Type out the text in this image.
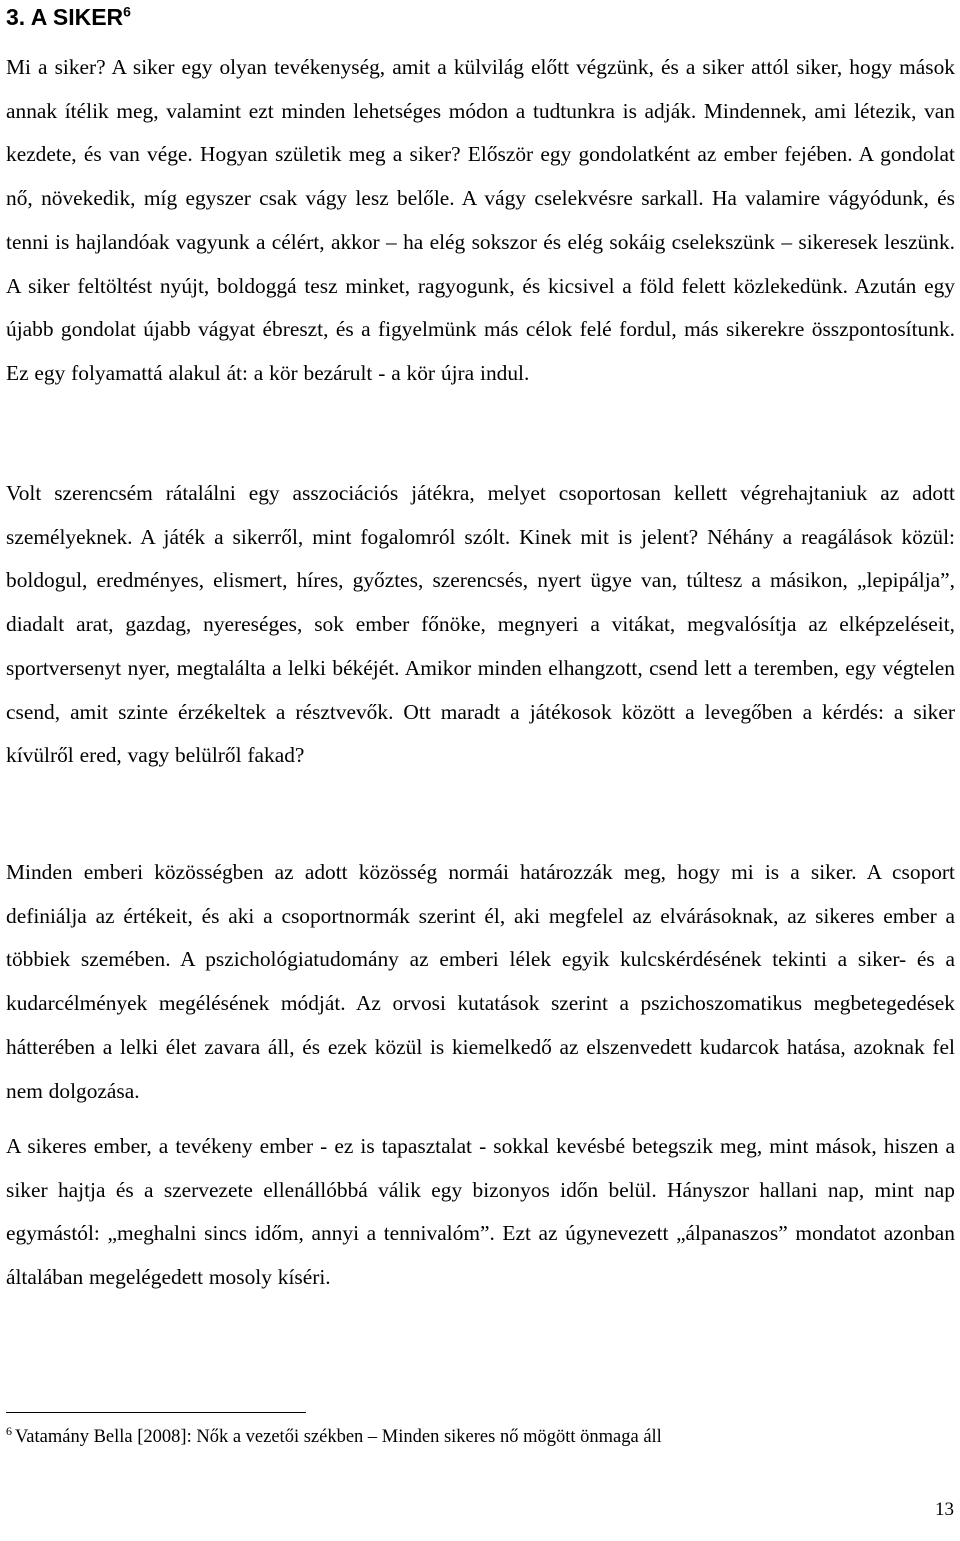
3. A SIKER$^6$

Mi a siker? A siker egy olyan tevékenység, amit a külvilág előtt végzünk, és a siker attól siker, hogy mások annak ítélik meg, valamint ezt minden lehetséges módon a tudtunkra is adják. Mindennek, ami létezik, van kezdete, és van vége. Hogyan születik meg a siker? Először egy gondolatként az ember fejében. A gondolat nő, növekedik, míg egyszer csak vágy lesz belőle. A vágy cselekvésre sarkall. Ha valamire vágyódunk, és tenni is hajlandóak vagyunk a célért, akkor – ha elég sokszor és elég sokáig cselekszünk – sikeresek leszünk. A siker feltöltést nyújt, boldoggá tesz minket, ragyogunk, és kicsivel a föld felett közlekedünk. Azután egy újabb gondolat újabb vágyat ébreszt, és a figyelmünk más célok felé fordul, más sikerekre összpontosítunk. Ez egy folyamattá alakul át: a kör bezárult - a kör újra indul.

Volt szerencsém rátalálni egy asszociációs játékra, melyet csoportosan kellett végrehajtaniuk az adott személyeknek. A játék a sikerről, mint fogalomról szólt. Kinek mit is jelent? Néhány a reagálások közül: boldogul, eredményes, elismert, híres, győztes, szerencsés, nyert ügye van, túltesz a másikon, „lepipálja”, diadalt arat, gazdag, nyereséges, sok ember főnöke, megnyeri a vitákat, megvalósítja az elképzeléseit, sportversenyt nyer, megtalálta a lelki békéjét. Amikor minden elhangzott, csend lett a teremben, egy végtelen csend, amit szinte érzékeltek a résztvevők. Ott maradt a játékosok között a levegőben a kérdés: a siker kívülről ered, vagy belülről fakad?

Minden emberi közösségben az adott közösség normái határozzák meg, hogy mi is a siker. A csoport definiálja az értékeit, és aki a csoportnormák szerint él, aki megfelel az elvárásoknak, az sikeres ember a többiek szemében. A pszichológiatudomány az emberi lélek egyik kulcskérdésének tekinti a siker- és a kudarcélmények megélésének módját. Az orvosi kutatások szerint a pszichoszomatikus megbetegedések hátterében a lelki élet zavara áll, és ezek közül is kiemelkedő az elszenvedett kudarcok hatása, azoknak fel nem dolgozása.

A sikeres ember, a tevékeny ember - ez is tapasztalat - sokkal kevésbé betegszik meg, mint mások, hiszen a siker hajtja és a szervezete ellenállóbbá válik egy bizonyos időn belül. Hányszor hallani nap, mint nap egymástól: „meghalni sincs időm, annyi a tennivalóm”. Ezt az úgynevezett „álpanaszos” mondatot azonban általában megelégedett mosoly kíséri.

$^6$ Vatamány Bella [2008]: Nők a vezetői székben – Minden sikeres nő mögött önmaga áll

13
